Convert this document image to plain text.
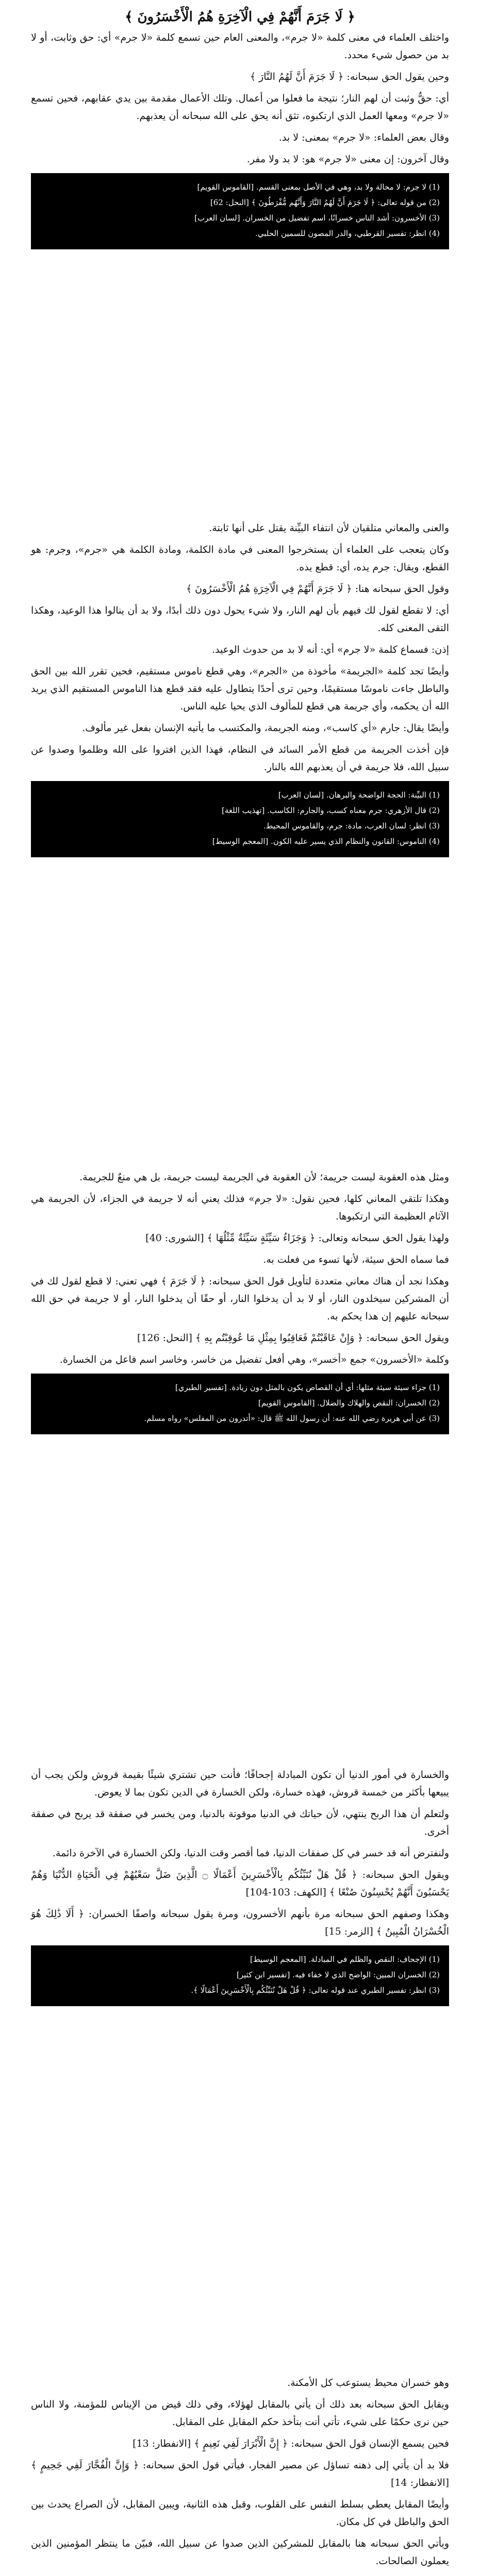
﴿ لَا جَرَمَ أَنَّهُمْ فِي الْآخِرَةِ هُمُ الْأَخْسَرُونَ ﴾
واختلف العلماء في معنى كلمة «لا جرم»، والمعنى العام حين تسمع كلمة «لا جرم» أي: حق وثابت، أو لا بد من حصول شيء محدد.
وحين يقول الحق سبحانه: ﴿ لَا جَرَمَ أَنَّ لَهُمُ النَّارَ ﴾
أي: حقٌّ وثبت أن لهم النار؛ نتيجة ما فعلوا من أعمال. وتلك الأعمال مقدمة بين يدي عقابهم، فحين تسمع «لا جرم» ومعها العمل الذي ارتكبوه، تثق أنه يحق على الله سبحانه أن يعذبهم.
وقال بعض العلماء: «لا جرم» بمعنى: لا بد.
وقال آخرون: إن معنى «لا جرم» هو: لا بد ولا مفر.

(1) لا جرم: لا محالة ولا بد، وهي في الأصل بمعنى القسم. [القاموس القويم]

(2) من قوله تعالى: ﴿ لَا جَرَمَ أَنَّ لَهُمُ النَّارَ وَأَنَّهُم مُّفْرَطُونَ ﴾ [النحل: 62]

(3) الأخسرون: أشد الناس خسرانًا، اسم تفضيل من الخسران. [لسان العرب]

(4) انظر: تفسير القرطبي، والدر المصون للسمين الحلبي.

والعنى والمعاني متلقيان لأن انتفاء البيِّنة يقتل على أنها ثابتة.
وكان يتعجب على العلماء أن يستخرجوا المعنى في مادة الكلمة، ومادة الكلمة هي «جرم»، وجرم: هو القطع، ويقال: جرم يده، أي: قطع يده.
وقول الحق سبحانه هنا: ﴿ لَا جَرَمَ أَنَّهُمْ فِي الْآخِرَةِ هُمُ الْأَخْسَرُونَ ﴾
أي: لا تقطع لقول لك فيهم بأن لهم النار، ولا شيء يحول دون ذلك أبدًا، ولا بد أن ينالوا هذا الوعيد، وهكذا التقى المعنى كله.
إذن: فسماع كلمة «لا جرم» أي: أنه لا بد من حدوث الوعيد.
وأيضًا تجد كلمة «الجريمة» مأخوذة من «الجرم»، وهي قطع ناموس مستقيم، فحين تقرر الله بين الحق والباطل جاءت ناموسًا مستقيمًا، وحين ترى أحدًا يتطاول عليه فقد قطع هذا الناموس المستقيم الذي يريد الله أن يحكمه، وأي جريمة هي قطع للمألوف الذي يحيا عليه الناس.
وأيضًا يقال: جارم «أي كاسب»، ومنه الجريمة، والمكتسب ما يأتيه الإنسان بفعل غير مألوف.
فإن أخذت الجريمة من قطع الأمر السائد في النظام، فهذا الذين افتروا على الله وظلموا وصدوا عن سبيل الله، فلا جريمة في أن يعذبهم الله بالنار.

(1) البيِّنة: الحجة الواضحة والبرهان. [لسان العرب]

(2) قال الأزهري: جرم معناه كسب، والجارم: الكاسب. [تهذيب اللغة]

(3) انظر: لسان العرب، مادة: جرم، والقاموس المحيط.

(4) الناموس: القانون والنظام الذي يسير عليه الكون. [المعجم الوسيط]

ومثل هذه العقوبة ليست جريمة؛ لأن العقوبة في الجريمة ليست جريمة، بل هي منعٌ للجريمة.
وهكذا تلتقي المعاني كلها، فحين نقول: «لا جرم» فذلك يعني أنه لا جريمة في الجزاء، لأن الجريمة هي الآثام العظيمة التي ارتكبوها.
ولهذا يقول الحق سبحانه وتعالى: ﴿ وَجَزَاءُ سَيِّئَةٍ سَيِّئَةٌ مِّثْلُهَا ﴾ [الشورى: 40]
فما سماه الحق سيئة، لأنها تسوء من فعلت به.
وهكذا نجد أن هناك معاني متعددة لتأويل قول الحق سبحانه: ﴿ لَا جَرَمَ ﴾ فهي تعني: لا قطع لقول لك في أن المشركين سيخلدون النار، أو لا بد أن يدخلوا النار، أو حقًا أن يدخلوا النار، أو لا جريمة في حق الله سبحانه عليهم إن هذا يحكم به.
ويقول الحق سبحانه: ﴿ وَإِنْ عَاقَبْتُمْ فَعَاقِبُوا بِمِثْلِ مَا عُوقِبْتُم بِهِ ﴾ [النحل: 126]
وكلمة «الأخسرون» جمع «أخسر»، وهي أفعل تفضيل من خاسر، وخاسر اسم فاعل من الخسارة.

(1) جزاء سيئة سيئة مثلها: أي أن القصاص يكون بالمثل دون زيادة. [تفسير الطبري]

(2) الخسران: النقص والهلاك والضلال. [القاموس القويم]

(3) عن أبي هريرة رضي الله عنه: أن رسول الله ﷺ قال: «أتدرون من المفلس» رواه مسلم.

والخسارة في أمور الدنيا أن تكون المبادلة إجحافًا؛ فأنت حين تشتري شيئًا بقيمة قروش ولكن يجب أن يبيعها بأكثر من خمسة قروش، فهذه خسارة، ولكن الخسارة في الدين تكون بما لا يعوض.
ولتعلم أن هذا الربح ينتهي، لأن حياتك في الدنيا موقوتة بالدنيا، ومن يخسر في صفقة قد يربح في صفقة أخرى.
ولنفترض أنه قد خسر في كل صفقات الدنيا، فما أقصر وقت الدنيا، ولكن الخسارة في الآخرة دائمة.
ويقول الحق سبحانه: ﴿ قُلْ هَلْ نُنَبِّئُكُم بِالْأَخْسَرِينَ أَعْمَالًا ۝ الَّذِينَ ضَلَّ سَعْيُهُمْ فِي الْحَيَاةِ الدُّنْيَا وَهُمْ يَحْسَبُونَ أَنَّهُمْ يُحْسِنُونَ صُنْعًا ﴾ [الكهف: 103-104]
وهكذا وصفهم الحق سبحانه مرة بأنهم الأخسرون، ومرة يقول سبحانه واصفًا الخسران: ﴿ أَلَا ذَٰلِكَ هُوَ الْخُسْرَانُ الْمُبِينُ ﴾ [الزمر: 15]

(1) الإجحاف: النقص والظلم في المبادلة. [المعجم الوسيط]

(2) الخسران المبين: الواضح الذي لا خفاء فيه. [تفسير ابن كثير]

(3) انظر: تفسير الطبري عند قوله تعالى: ﴿ قُلْ هَلْ نُنَبِّئُكُم بِالْأَخْسَرِينَ أَعْمَالًا ﴾.

وهو خسران محيط يستوعب كل الأمكنة.
ويقابل الحق سبحانه بعد ذلك أن يأتي بالمقابل لهؤلاء، وفي ذلك قيض من الإيناس للمؤمنة، ولا الناس حين نرى حكمًا على شيء، تأتي أنت بتأخذ حكم المقابل على المقابل.
فحين يسمع الإنسان قول الحق سبحانه: ﴿ إِنَّ الْأَبْرَارَ لَفِي نَعِيمٍ ﴾ [الانفطار: 13]
فلا بد أن يأتي إلى ذهنه تساؤل عن مصير الفجار، فيأتي قول الحق سبحانه: ﴿ وَإِنَّ الْفُجَّارَ لَفِي جَحِيمٍ ﴾ [الانفطار: 14]
وأيضًا المقابل يعطي بسلط النفس على القلوب، وقبل هذه الثانية، ويبين المقابل، لأن الصراع يحدث بين الحق والباطل في كل مكان.
ويأتي الحق سبحانه هنا بالمقابل للمشركين الذين صدوا عن سبيل الله، فبيّن ما ينتظر المؤمنين الذين يعملون الصالحات.
